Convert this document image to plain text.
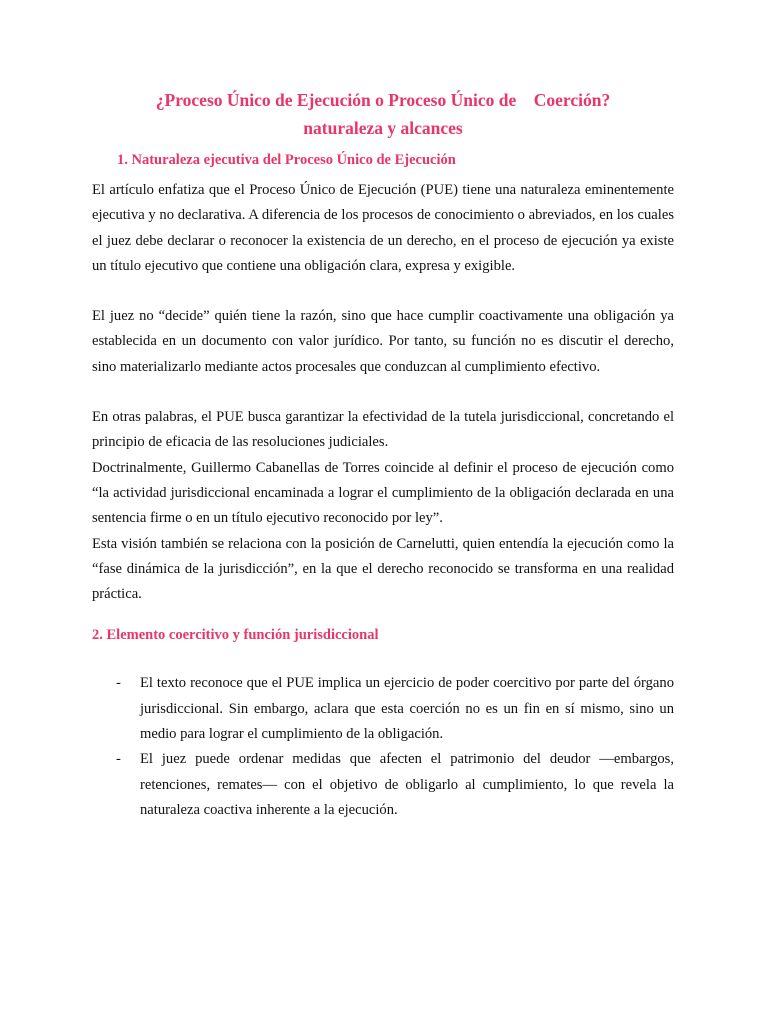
¿Proceso Único de Ejecución o Proceso Único de    Coerción?

naturaleza y alcances

1. Naturaleza ejecutiva del Proceso Único de Ejecución

El artículo enfatiza que el Proceso Único de Ejecución (PUE) tiene una naturaleza eminentemente ejecutiva y no declarativa. A diferencia de los procesos de conocimiento o abreviados, en los cuales el juez debe declarar o reconocer la existencia de un derecho, en el proceso de ejecución ya existe un título ejecutivo que contiene una obligación clara, expresa y exigible.

El juez no “decide” quién tiene la razón, sino que hace cumplir coactivamente una obligación ya establecida en un documento con valor jurídico. Por tanto, su función no es discutir el derecho, sino materializarlo mediante actos procesales que conduzcan al cumplimiento efectivo.

En otras palabras, el PUE busca garantizar la efectividad de la tutela jurisdiccional, concretando el principio de eficacia de las resoluciones judiciales.

Doctrinalmente, Guillermo Cabanellas de Torres coincide al definir el proceso de ejecución como “la actividad jurisdiccional encaminada a lograr el cumplimiento de la obligación declarada en una sentencia firme o en un título ejecutivo reconocido por ley”.

Esta visión también se relaciona con la posición de Carnelutti, quien entendía la ejecución como la “fase dinámica de la jurisdicción”, en la que el derecho reconocido se transforma en una realidad práctica.

2. Elemento coercitivo y función jurisdiccional

-	El texto reconoce que el PUE implica un ejercicio de poder coercitivo por parte del órgano jurisdiccional. Sin embargo, aclara que esta coerción no es un fin en sí mismo, sino un medio para lograr el cumplimiento de la obligación.
-	El juez puede ordenar medidas que afecten el patrimonio del deudor —embargos, retenciones, remates— con el objetivo de obligarlo al cumplimiento, lo que revela la naturaleza coactiva inherente a la ejecución.
